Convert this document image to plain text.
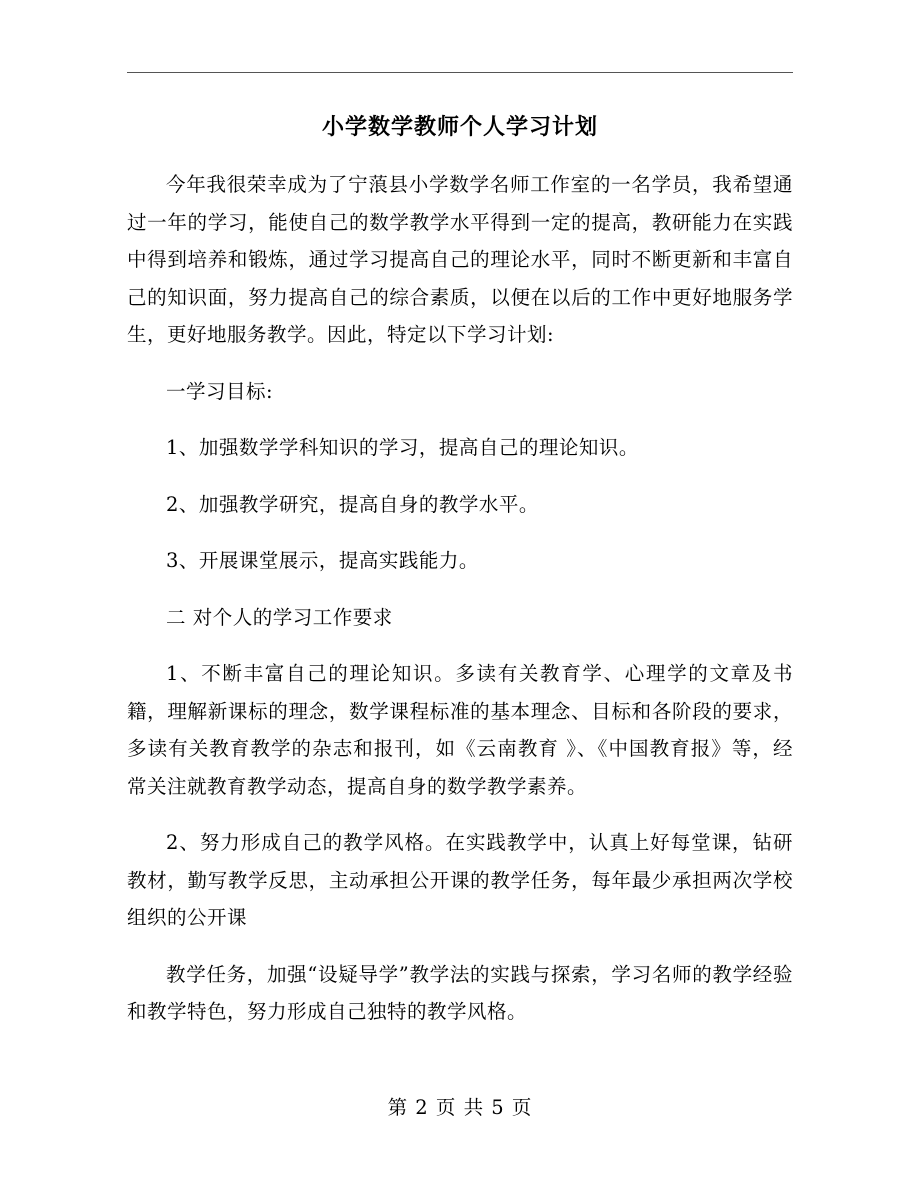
小学数学教师个人学习计划

今年我很荣幸成为了宁蒗县小学数学名师工作室的一名学员，我希望通过一年的学习，能使自己的数学教学水平得到一定的提高，教研能力在实践中得到培养和锻炼，通过学习提高自己的理论水平，同时不断更新和丰富自己的知识面，努力提高自己的综合素质，以便在以后的工作中更好地服务学生，更好地服务教学。因此，特定以下学习计划:

一学习目标:

1、加强数学学科知识的学习，提高自己的理论知识。

2、加强教学研究，提高自身的教学水平。

3、开展课堂展示，提高实践能力。

二 对个人的学习工作要求

1、不断丰富自己的理论知识。多读有关教育学、心理学的文章及书籍，理解新课标的理念，数学课程标准的基本理念、目标和各阶段的要求，多读有关教育教学的杂志和报刊，如《云南教育 》、《中国教育报》等，经常关注就教育教学动态，提高自身的数学教学素养。

2、努力形成自己的教学风格。在实践教学中，认真上好每堂课，钻研教材，勤写教学反思，主动承担公开课的教学任务，每年最少承担两次学校组织的公开课

教学任务，加强“设疑导学”教学法的实践与探索，学习名师的教学经验和教学特色，努力形成自己独特的教学风格。

第 2 页 共 5 页
